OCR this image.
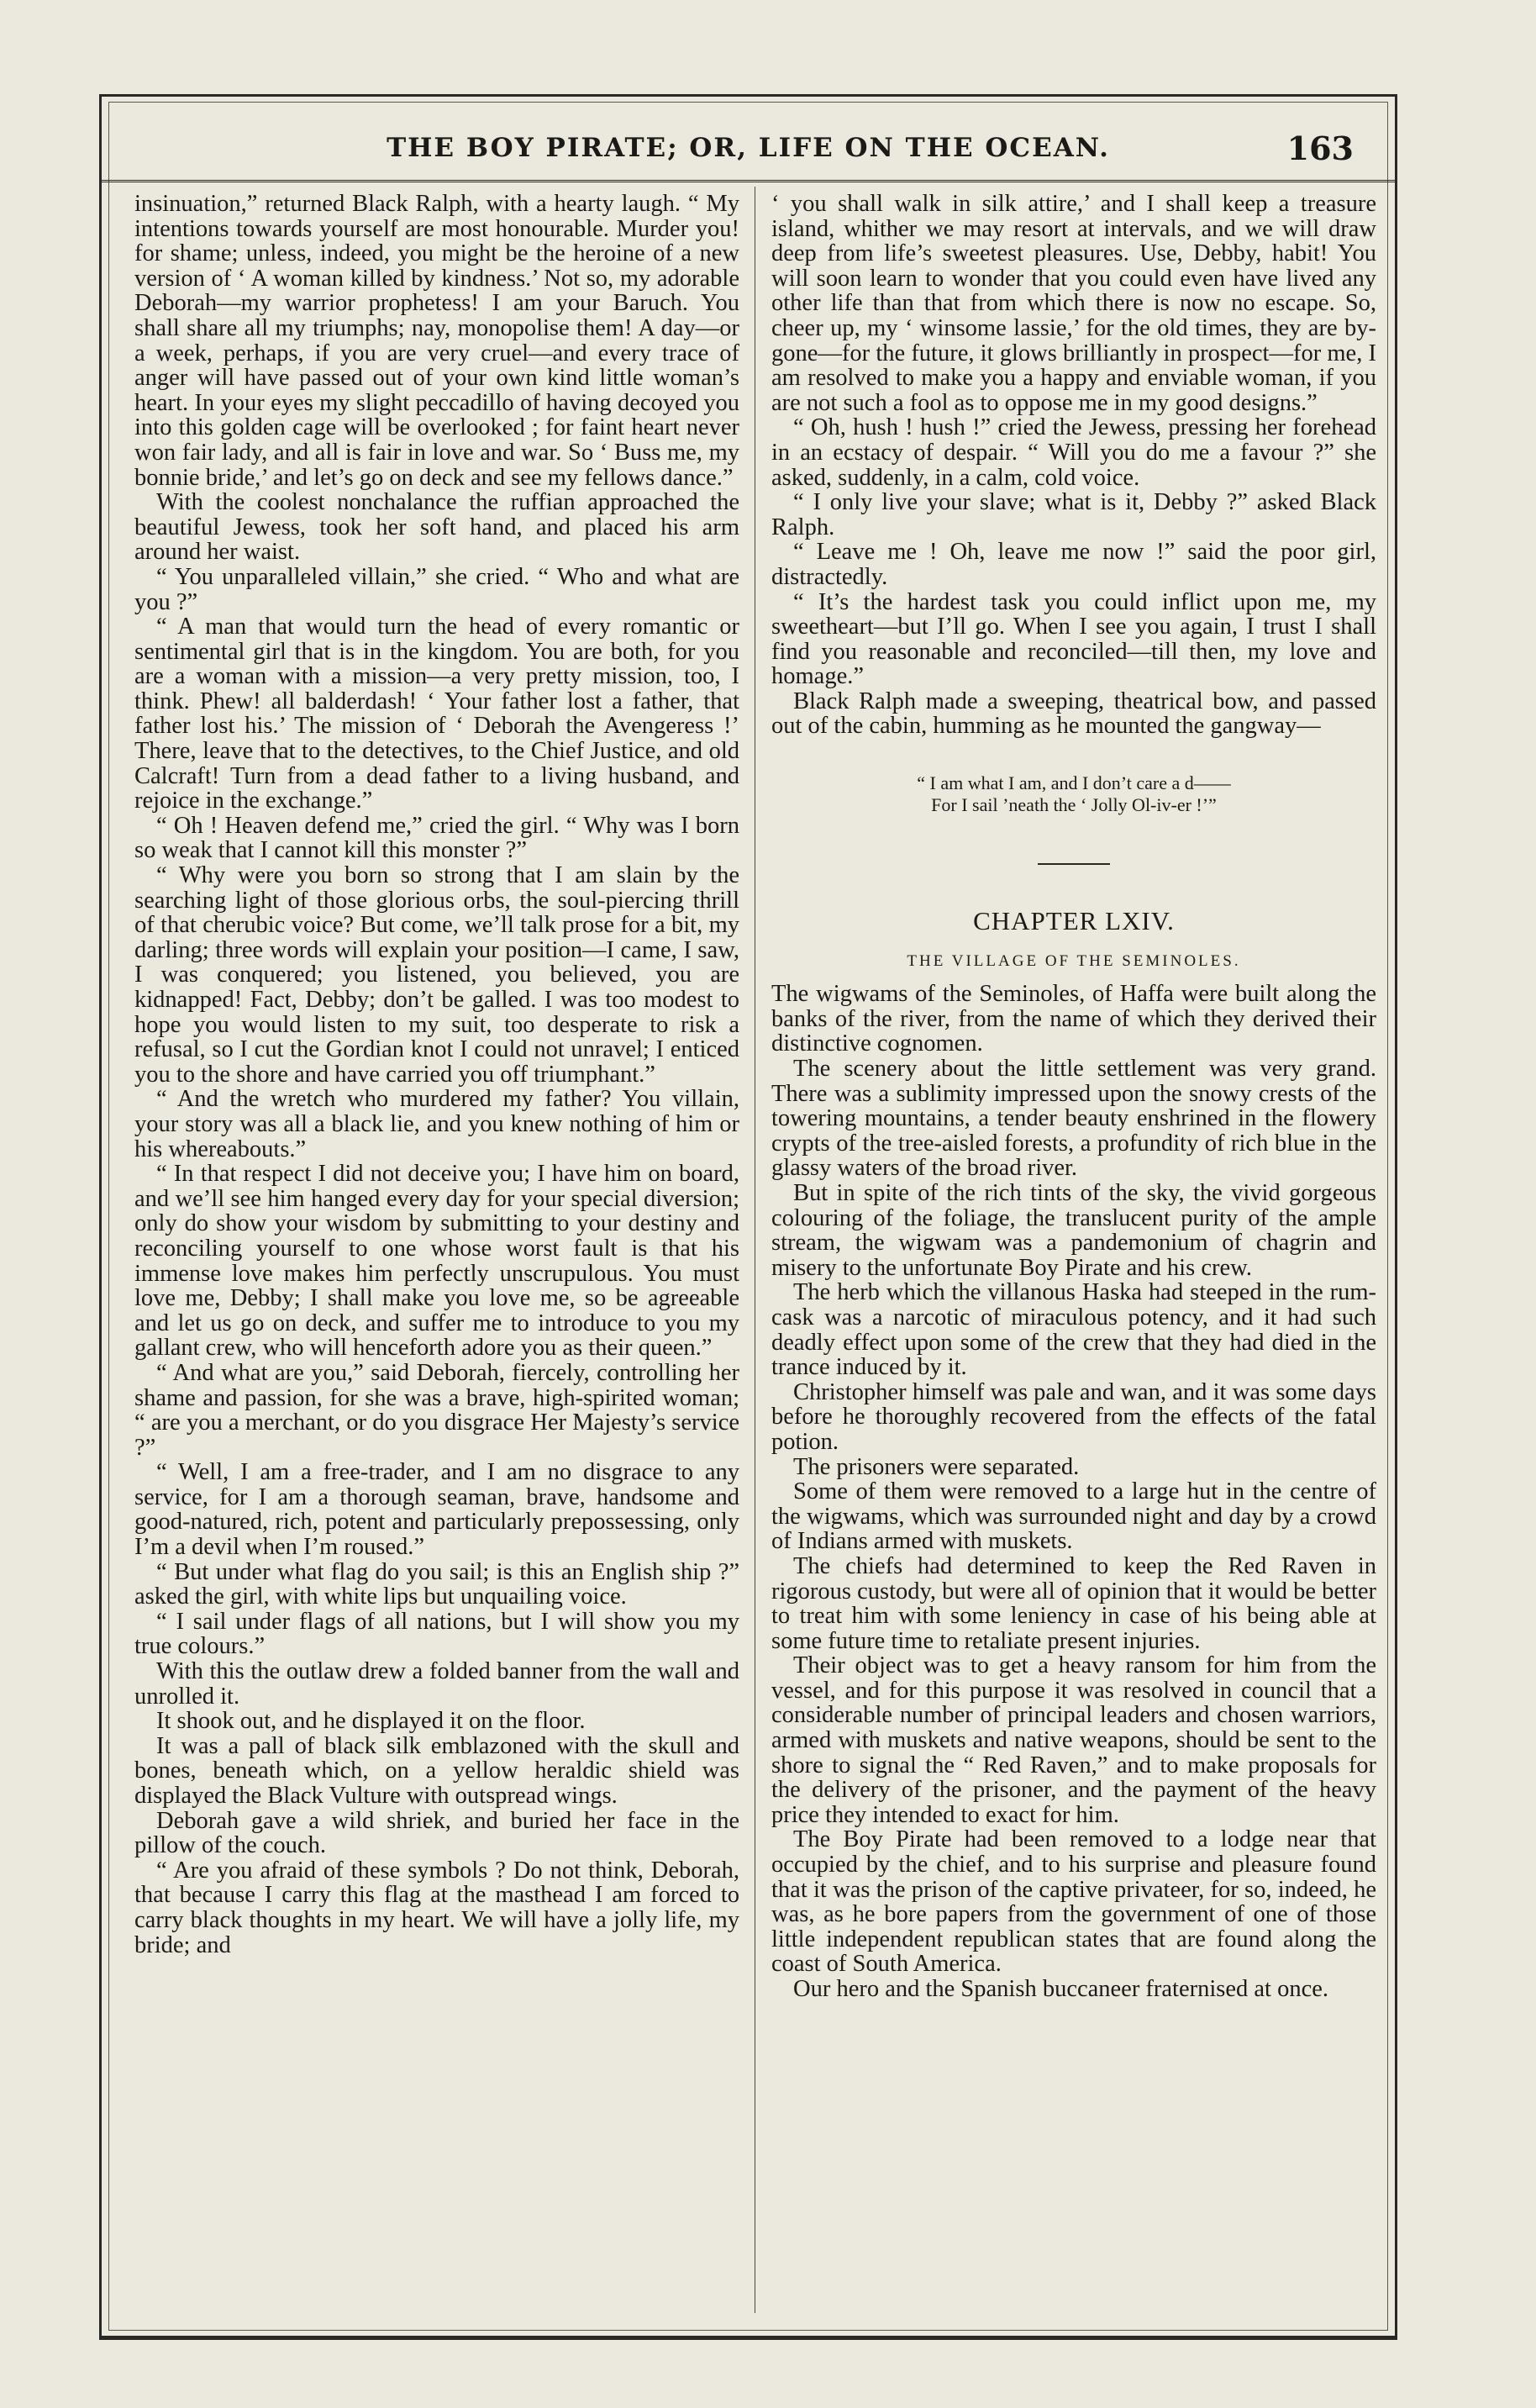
THE BOY PIRATE; OR, LIFE ON THE OCEAN.	163

insinuation,” returned Black Ralph, with a hearty laugh. “ My intentions towards yourself are most honourable. Murder you! for shame; unless, indeed, you might be the heroine of a new version of ‘ A woman killed by kindness.’ Not so, my adorable Deborah—my warrior prophetess! I am your Baruch. You shall share all my triumphs; nay, monopolise them! A day—or a week, perhaps, if you are very cruel—and every trace of anger will have passed out of your own kind little woman’s heart. In your eyes my slight peccadillo of having decoyed you into this golden cage will be overlooked ; for faint heart never won fair lady, and all is fair in love and war. So ‘ Buss me, my bonnie bride,’ and let’s go on deck and see my fellows dance.”

With the coolest nonchalance the ruffian approached the beautiful Jewess, took her soft hand, and placed his arm around her waist.

“ You unparalleled villain,” she cried. “ Who and what are you ?”

“ A man that would turn the head of every romantic or sentimental girl that is in the kingdom. You are both, for you are a woman with a mission—a very pretty mission, too, I think. Phew! all balderdash! ‘ Your father lost a father, that father lost his.’ The mission of ‘ Deborah the Avengeress !’ There, leave that to the detectives, to the Chief Justice, and old Calcraft! Turn from a dead father to a living husband, and rejoice in the exchange.”

“ Oh ! Heaven defend me,” cried the girl. “ Why was I born so weak that I cannot kill this monster ?”

“ Why were you born so strong that I am slain by the searching light of those glorious orbs, the soul-piercing thrill of that cherubic voice? But come, we’ll talk prose for a bit, my darling; three words will explain your position—I came, I saw, I was conquered; you listened, you believed, you are kidnapped! Fact, Debby; don’t be galled. I was too modest to hope you would listen to my suit, too desperate to risk a refusal, so I cut the Gordian knot I could not unravel; I enticed you to the shore and have carried you off triumphant.”

“ And the wretch who murdered my father? You villain, your story was all a black lie, and you knew nothing of him or his whereabouts.”

“ In that respect I did not deceive you; I have him on board, and we’ll see him hanged every day for your special diversion; only do show your wisdom by submitting to your destiny and reconciling yourself to one whose worst fault is that his immense love makes him perfectly unscrupulous. You must love me, Debby; I shall make you love me, so be agreeable and let us go on deck, and suffer me to introduce to you my gallant crew, who will henceforth adore you as their queen.”

“ And what are you,” said Deborah, fiercely, controlling her shame and passion, for she was a brave, high-spirited woman; “ are you a merchant, or do you disgrace Her Majesty’s service ?”

“ Well, I am a free-trader, and I am no disgrace to any service, for I am a thorough seaman, brave, handsome and good-natured, rich, potent and particularly prepossessing, only I’m a devil when I’m roused.”

“ But under what flag do you sail; is this an English ship ?” asked the girl, with white lips but unquailing voice.

“ I sail under flags of all nations, but I will show you my true colours.”

With this the outlaw drew a folded banner from the wall and unrolled it.

It shook out, and he displayed it on the floor.

It was a pall of black silk emblazoned with the skull and bones, beneath which, on a yellow heraldic shield was displayed the Black Vulture with outspread wings.

Deborah gave a wild shriek, and buried her face in the pillow of the couch.

“ Are you afraid of these symbols ? Do not think, Deborah, that because I carry this flag at the masthead I am forced to carry black thoughts in my heart. We will have a jolly life, my bride; and

‘ you shall walk in silk attire,’ and I shall keep a treasure island, whither we may resort at intervals, and we will draw deep from life’s sweetest pleasures. Use, Debby, habit! You will soon learn to wonder that you could even have lived any other life than that from which there is now no escape. So, cheer up, my ‘ winsome lassie,’ for the old times, they are by-gone—for the future, it glows brilliantly in prospect—for me, I am resolved to make you a happy and enviable woman, if you are not such a fool as to oppose me in my good designs.”

“ Oh, hush ! hush !” cried the Jewess, pressing her forehead in an ecstacy of despair. “ Will you do me a favour ?” she asked, suddenly, in a calm, cold voice.

“ I only live your slave; what is it, Debby ?” asked Black Ralph.

“ Leave me ! Oh, leave me now !” said the poor girl, distractedly.

“ It’s the hardest task you could inflict upon me, my sweetheart—but I’ll go. When I see you again, I trust I shall find you reasonable and reconciled—till then, my love and homage.”

Black Ralph made a sweeping, theatrical bow, and passed out of the cabin, humming as he mounted the gangway—

“ I am what I am, and I don’t care a d——
For I sail ’neath the ‘ Jolly Ol-iv-er !’”
CHAPTER LXIV.
THE VILLAGE OF THE SEMINOLES.

The wigwams of the Seminoles, of Haffa were built along the banks of the river, from the name of which they derived their distinctive cognomen.

The scenery about the little settlement was very grand. There was a sublimity impressed upon the snowy crests of the towering mountains, a tender beauty enshrined in the flowery crypts of the tree-aisled forests, a profundity of rich blue in the glassy waters of the broad river.

But in spite of the rich tints of the sky, the vivid gorgeous colouring of the foliage, the translucent purity of the ample stream, the wigwam was a pandemonium of chagrin and misery to the unfortunate Boy Pirate and his crew.

The herb which the villanous Haska had steeped in the rum-cask was a narcotic of miraculous potency, and it had such deadly effect upon some of the crew that they had died in the trance induced by it.

Christopher himself was pale and wan, and it was some days before he thoroughly recovered from the effects of the fatal potion.

The prisoners were separated.

Some of them were removed to a large hut in the centre of the wigwams, which was surrounded night and day by a crowd of Indians armed with muskets.

The chiefs had determined to keep the Red Raven in rigorous custody, but were all of opinion that it would be better to treat him with some leniency in case of his being able at some future time to retaliate present injuries.

Their object was to get a heavy ransom for him from the vessel, and for this purpose it was resolved in council that a considerable number of principal leaders and chosen warriors, armed with muskets and native weapons, should be sent to the shore to signal the “ Red Raven,” and to make proposals for the delivery of the prisoner, and the payment of the heavy price they intended to exact for him.

The Boy Pirate had been removed to a lodge near that occupied by the chief, and to his surprise and pleasure found that it was the prison of the captive privateer, for so, indeed, he was, as he bore papers from the government of one of those little independent republican states that are found along the coast of South America.

Our hero and the Spanish buccaneer fraternised at once.
